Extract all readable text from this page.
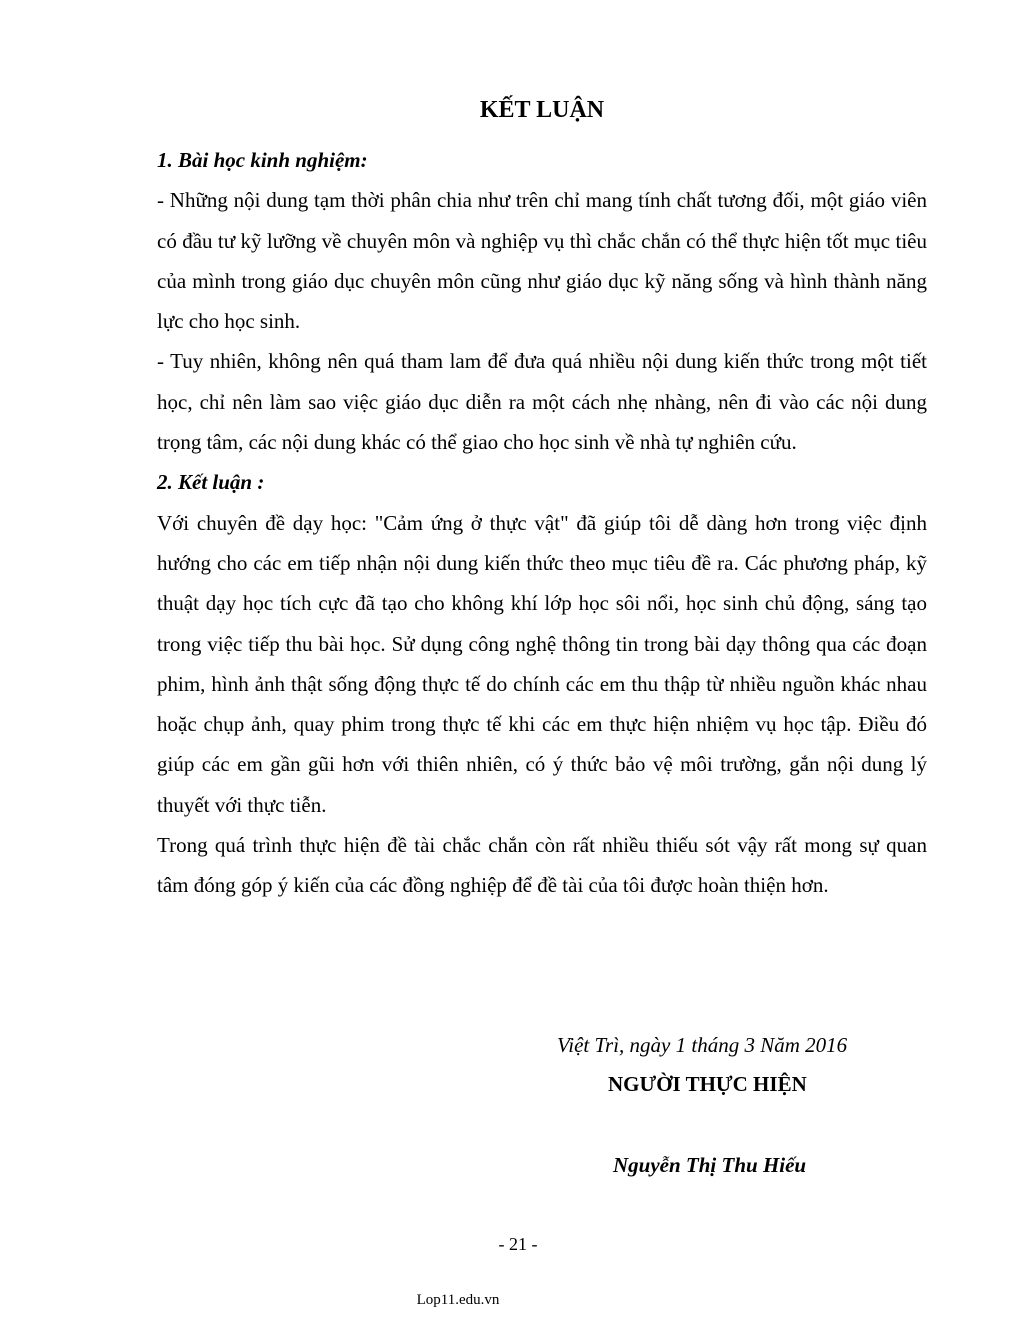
KẾT LUẬN

1. Bài học kinh nghiệm:

- Những nội dung tạm thời phân chia như trên chỉ mang tính chất tương đối, một giáo viên có đầu tư kỹ lưỡng về chuyên môn và nghiệp vụ thì chắc chắn có thể thực hiện tốt mục tiêu của mình trong giáo dục chuyên môn cũng như giáo dục kỹ năng sống và hình thành năng lực cho học sinh.

- Tuy nhiên, không nên quá tham lam để đưa quá nhiều nội dung kiến thức trong một tiết học, chỉ nên làm sao việc giáo dục diễn ra một cách nhẹ nhàng, nên đi vào các nội dung trọng tâm, các nội dung khác có thể giao cho học sinh về nhà tự nghiên cứu.

2. Kết luận :

Với chuyên đề dạy học: "Cảm ứng ở thực vật" đã giúp tôi dễ dàng hơn trong việc định hướng cho các em tiếp nhận nội dung kiến thức theo mục tiêu đề ra. Các phương pháp, kỹ thuật dạy học tích cực đã tạo cho không khí lớp học sôi nổi, học sinh chủ động, sáng tạo trong việc tiếp thu bài học. Sử dụng công nghệ thông tin trong bài dạy thông qua các đoạn phim, hình ảnh thật sống động thực tế do chính các em thu thập từ nhiều nguồn khác nhau hoặc chụp ảnh, quay phim trong thực tế khi các em thực hiện nhiệm vụ học tập. Điều đó giúp các em gần gũi hơn với thiên nhiên, có ý thức bảo vệ môi trường, gắn nội dung lý thuyết với thực tiễn.

Trong quá trình thực hiện đề tài chắc chắn còn rất nhiều thiếu sót vậy rất mong sự quan tâm đóng góp ý kiến của các đồng nghiệp để đề tài của tôi được hoàn thiện hơn.

Việt Trì, ngày 1 tháng 3 Năm 2016
NGƯỜI THỰC HIỆN
Nguyễn Thị Thu Hiếu
- 21 -
Lop11.edu.vn
